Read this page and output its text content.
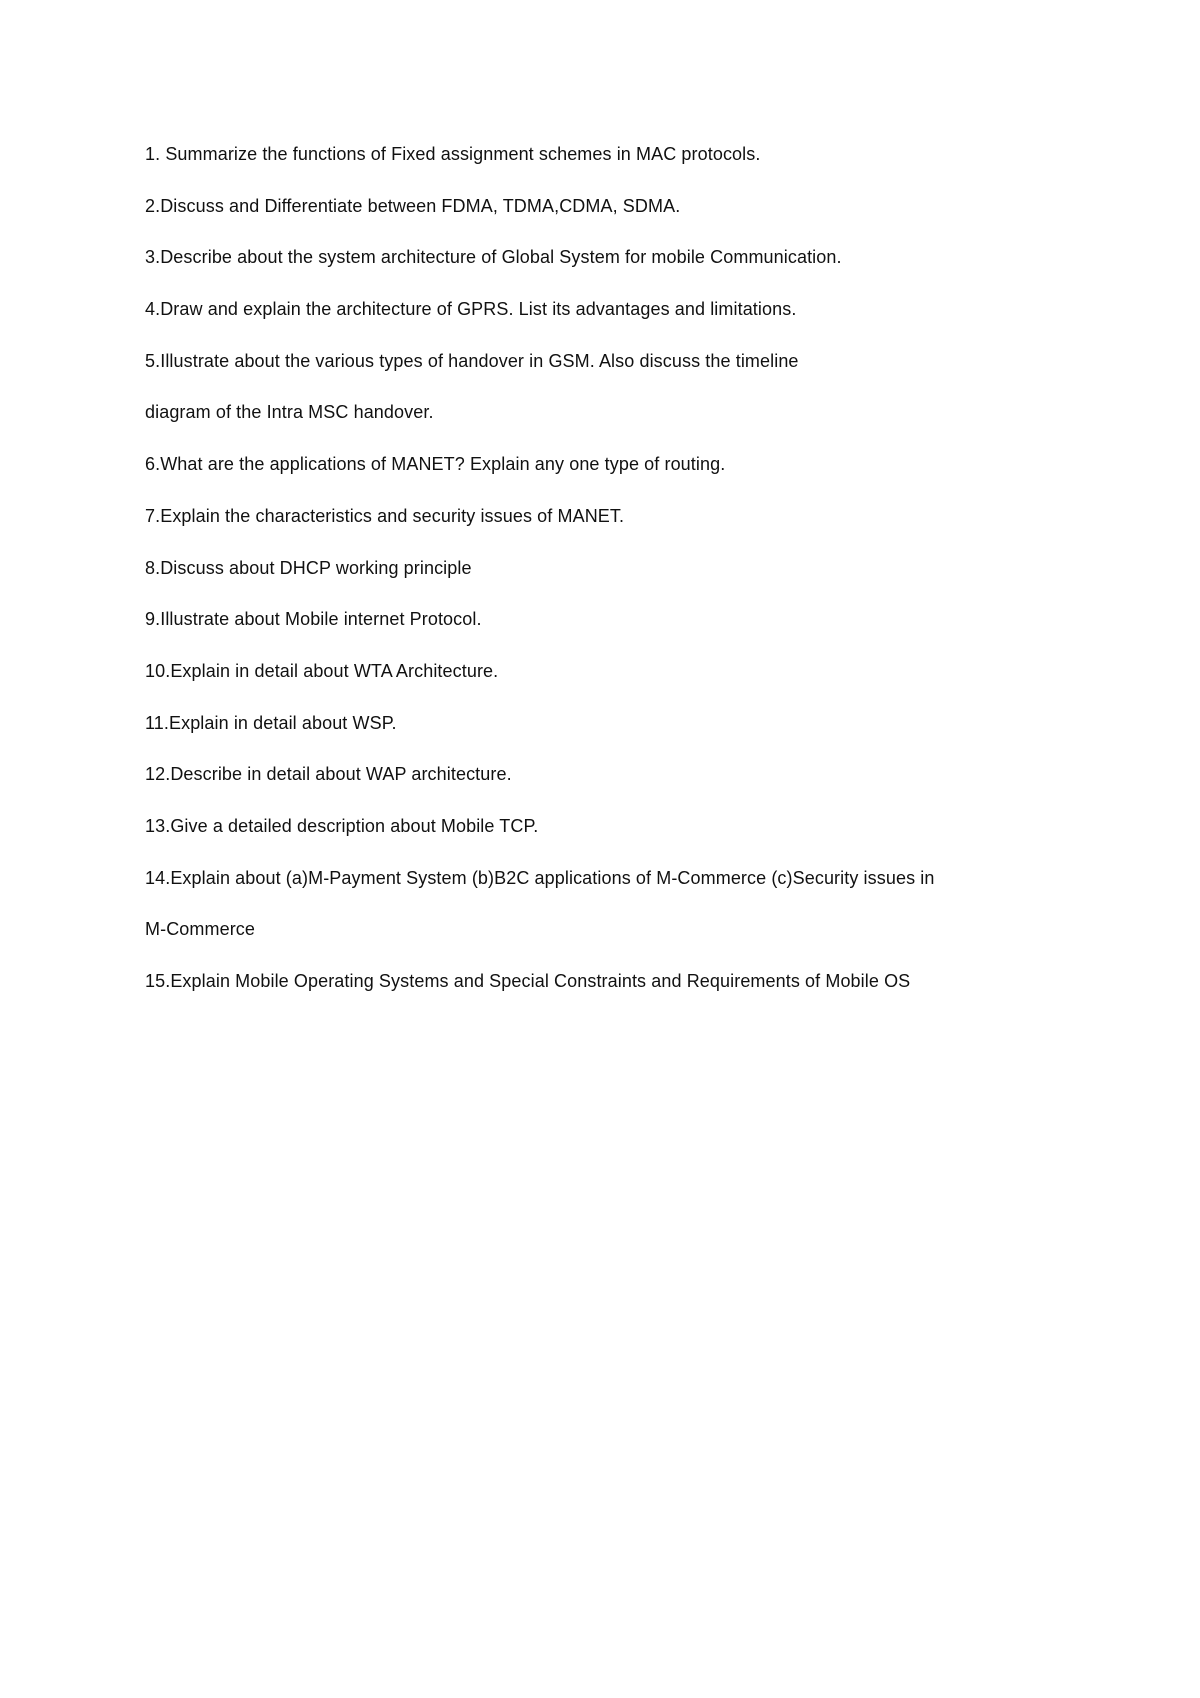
1. Summarize the functions of Fixed assignment schemes in MAC protocols.
2.Discuss and Differentiate between FDMA, TDMA,CDMA, SDMA.
3.Describe about the system architecture of Global System for mobile Communication.
4.Draw and explain the architecture of GPRS. List its advantages and limitations.
5.Illustrate about the various types of handover in GSM. Also discuss the timeline
diagram of the Intra MSC handover.
6.What are the applications of MANET? Explain any one type of routing.
7.Explain the characteristics and security issues of MANET.
8.Discuss about DHCP working principle
9.Illustrate about Mobile internet Protocol.
10.Explain in detail about WTA Architecture.
11.Explain in detail about WSP.
12.Describe in detail about WAP architecture.
13.Give a detailed description about Mobile TCP.
14.Explain about (a)M-Payment System (b)B2C applications of M-Commerce (c)Security issues in
M-Commerce
15.Explain Mobile Operating Systems and Special Constraints and Requirements of Mobile OS
